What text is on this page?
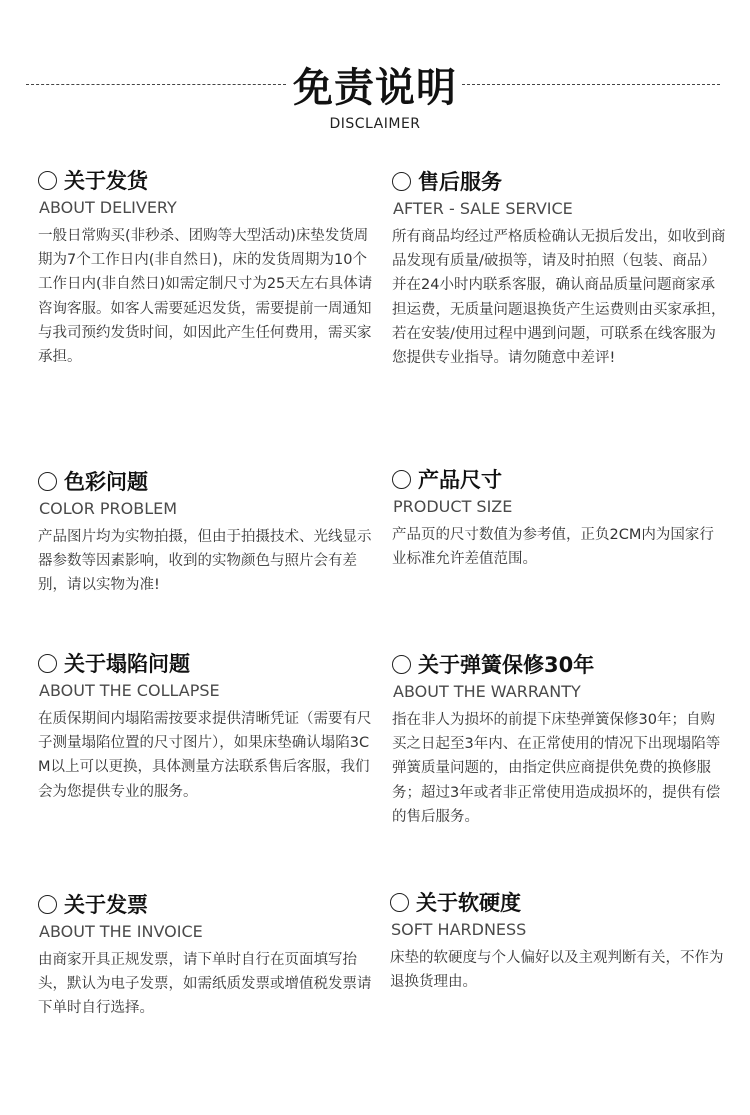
免责说明
DISCLAIMER
关于发货
ABOUT DELIVERY
一般日常购买(非秒杀、团购等大型活动)床垫发货周期为7个工作日内(非自然日)，床的发货周期为10个工作日内(非自然日)如需定制尺寸为25天左右具体请咨询客服。如客人需要延迟发货，需要提前一周通知与我司预约发货时间，如因此产生任何费用，需买家承担。
售后服务
AFTER - SALE SERVICE
所有商品均经过严格质检确认无损后发出，如收到商品发现有质量/破损等，请及时拍照（包装、商品）并在24小时内联系客服，确认商品质量问题商家承担运费，无质量问题退换货产生运费则由买家承担，若在安装/使用过程中遇到问题，可联系在线客服为您提供专业指导。请勿随意中差评!
色彩问题
COLOR PROBLEM
产品图片均为实物拍摄，但由于拍摄技术、光线显示器参数等因素影响，收到的实物颜色与照片会有差别，请以实物为准!
产品尺寸
PRODUCT SIZE
产品页的尺寸数值为参考值，正负2CM内为国家行业标准允许差值范围。
关于塌陷问题
ABOUT THE COLLAPSE
在质保期间内塌陷需按要求提供清晰凭证（需要有尺子测量塌陷位置的尺寸图片），如果床垫确认塌陷3CM以上可以更换，具体测量方法联系售后客服，我们会为您提供专业的服务。
关于弹簧保修30年
ABOUT THE WARRANTY
指在非人为损坏的前提下床垫弹簧保修30年；自购买之日起至3年内、在正常使用的情况下出现塌陷等弹簧质量问题的，由指定供应商提供免费的换修服务；超过3年或者非正常使用造成损坏的，提供有偿的售后服务。
关于发票
ABOUT THE INVOICE
由商家开具正规发票，请下单时自行在页面填写抬头，默认为电子发票，如需纸质发票或增值税发票请下单时自行选择。
关于软硬度
SOFT HARDNESS
床垫的软硬度与个人偏好以及主观判断有关，不作为退换货理由。
